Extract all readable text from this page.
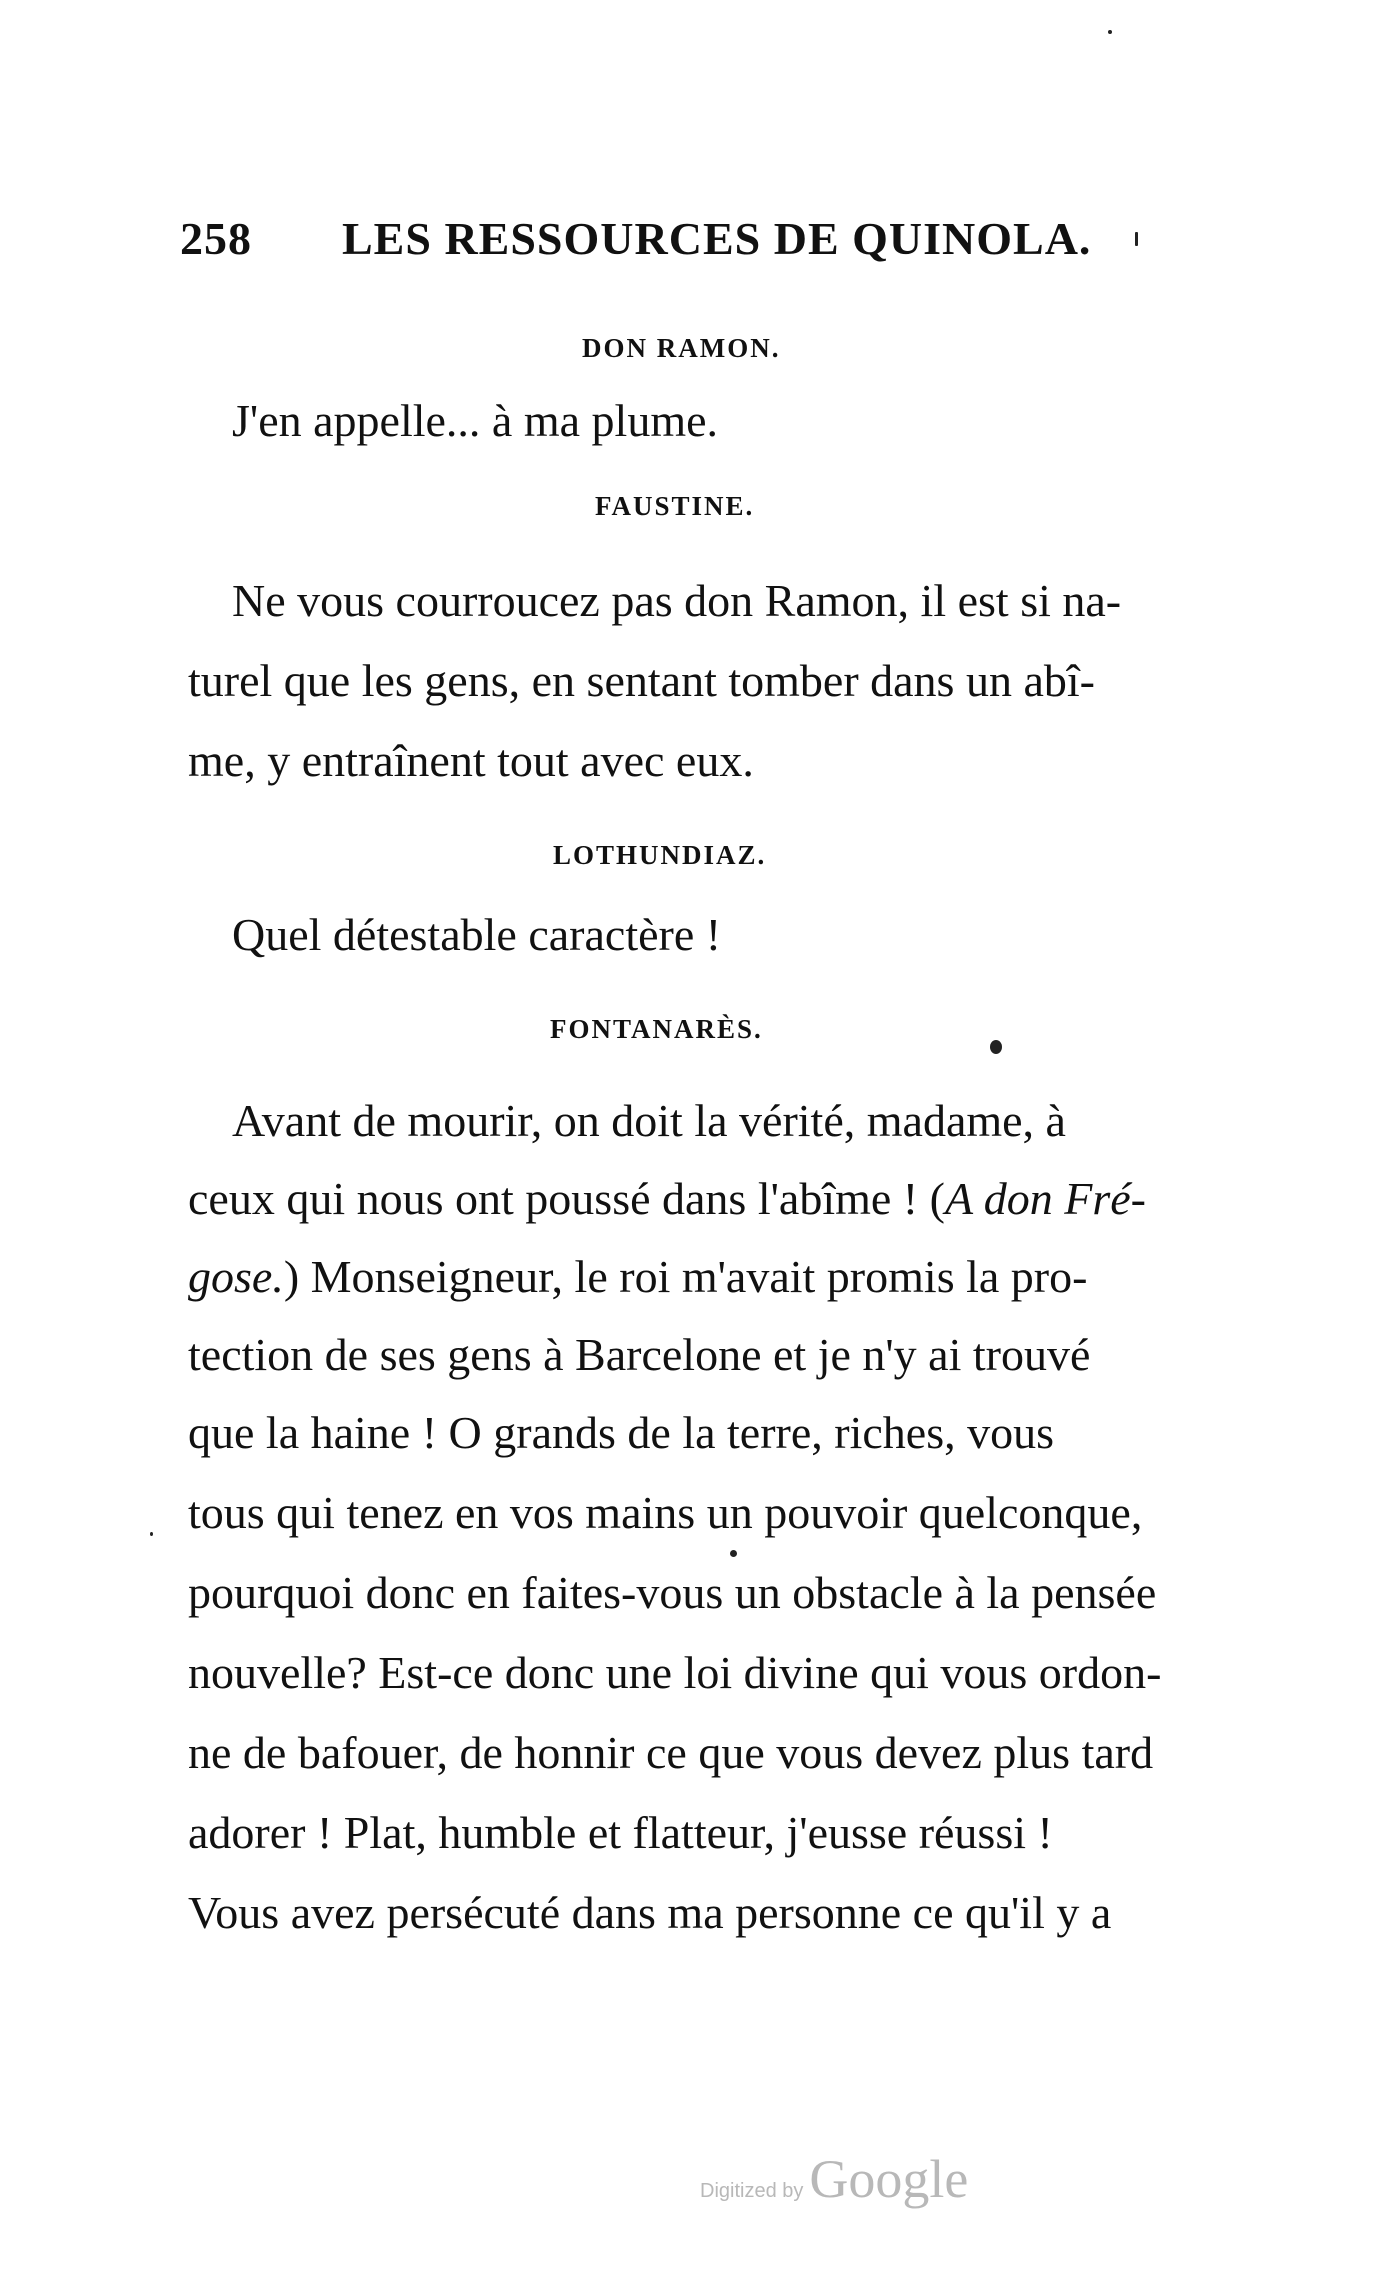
258 LES RESSOURCES DE QUINOLA.
DON RAMON.
J'en appelle... à ma plume.
FAUSTINE.
Ne vous courroucez pas don Ramon, il est si na-
turel que les gens, en sentant tomber dans un abî-
me, y entraînent tout avec eux.
LOTHUNDIAZ.
Quel détestable caractère !
FONTANARÈS.
Avant de mourir, on doit la vérité, madame, à
ceux qui nous ont poussé dans l'abîme ! (A don Fré-
gose.) Monseigneur, le roi m'avait promis la pro-
tection de ses gens à Barcelone et je n'y ai trouvé
que la haine ! O grands de la terre, riches, vous
tous qui tenez en vos mains un pouvoir quelconque,
pourquoi donc en faites-vous un obstacle à la pensée
nouvelle? Est-ce donc une loi divine qui vous ordon-
ne de bafouer, de honnir ce que vous devez plus tard
adorer ! Plat, humble et flatteur, j'eusse réussi !
Vous avez persécuté dans ma personne ce qu'il y a
Digitized by Google
